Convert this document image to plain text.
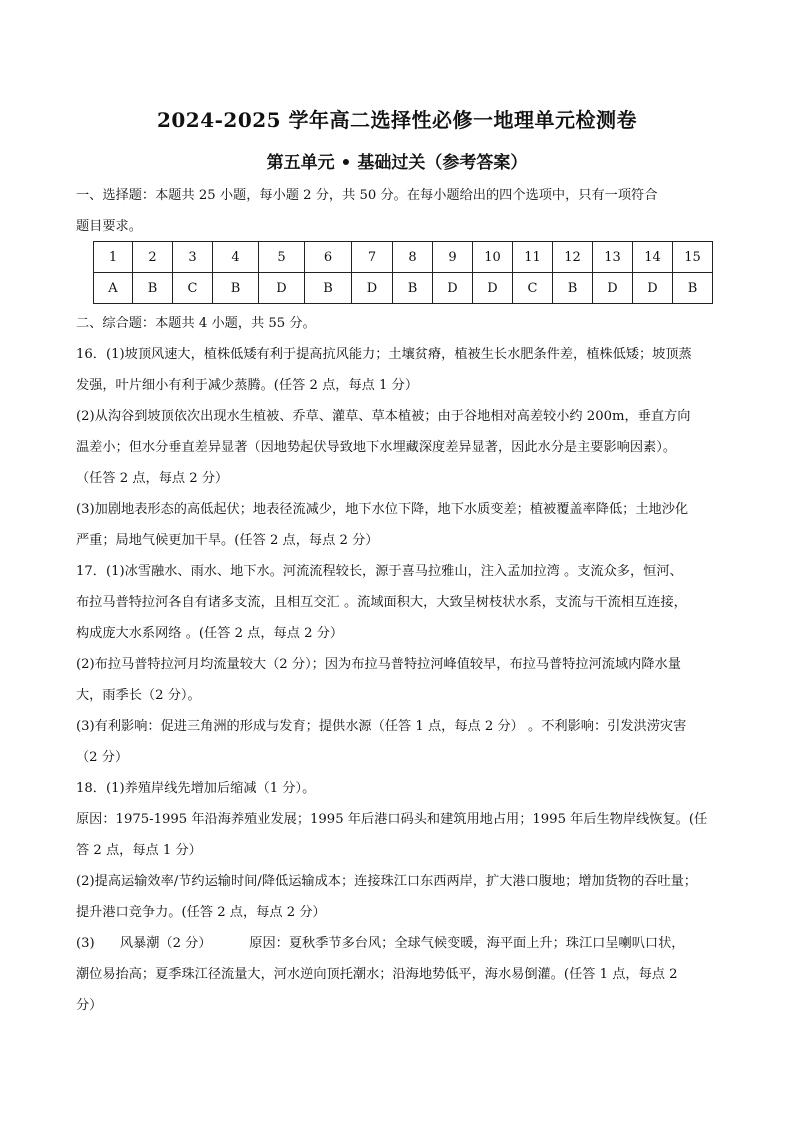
2024-2025 学年高二选择性必修一地理单元检测卷
第五单元 • 基础过关（参考答案）
一、选择题：本题共 25 小题，每小题 2 分，共 50 分。在每小题给出的四个选项中，只有一项符合
题目要求。
1	2	3	4	5	6	7	8	9	10	11	12	13	14	15
A	B	C	B	D	B	D	B	D	D	C	B	D	D	B
二、综合题：本题共 4 小题，共 55 分。
16．(1)坡顶风速大，植株低矮有利于提高抗风能力；土壤贫瘠，植被生长水肥条件差，植株低矮；坡顶蒸
发强，叶片细小有利于减少蒸腾。(任答 2 点，每点 1 分）
(2)从沟谷到坡顶依次出现水生植被、乔草、灌草、草本植被；由于谷地相对高差较小约 200m，垂直方向
温差小；但水分垂直差异显著（因地势起伏导致地下水埋藏深度差异显著，因此水分是主要影响因素）。
（任答 2 点，每点 2 分）
(3)加剧地表形态的高低起伏；地表径流减少，地下水位下降，地下水质变差；植被覆盖率降低；土地沙化
严重；局地气候更加干旱。(任答 2 点，每点 2 分）
17．(1)冰雪融水、雨水、地下水。河流流程较长，源于喜马拉雅山，注入孟加拉湾 。支流众多，恒河、
布拉马普特拉河各自有诸多支流，且相互交汇 。流域面积大，大致呈树枝状水系，支流与干流相互连接，
构成庞大水系网络 。(任答 2 点，每点 2 分）
(2)布拉马普特拉河月均流量较大（2 分）；因为布拉马普特拉河峰值较早，布拉马普特拉河流域内降水量
大，雨季长（2 分）。
(3)有利影响：促进三角洲的形成与发育；提供水源（任答 1 点，每点 2 分） 。不利影响：引发洪涝灾害
（2 分）
18．(1)养殖岸线先增加后缩减（1 分）。
原因：1975-1995 年沿海养殖业发展；1995 年后港口码头和建筑用地占用；1995 年后生物岸线恢复。(任
答 2 点，每点 1 分）
(2)提高运输效率/节约运输时间/降低运输成本；连接珠江口东西两岸，扩大港口腹地；增加货物的吞吐量；
提升港口竞争力。(任答 2 点，每点 2 分）
(3)      风暴潮（2 分）         原因：夏秋季节多台风；全球气候变暖，海平面上升；珠江口呈喇叭口状，
潮位易抬高；夏季珠江径流量大，河水逆向顶托潮水；沿海地势低平，海水易倒灌。(任答 1 点，每点 2
分）
